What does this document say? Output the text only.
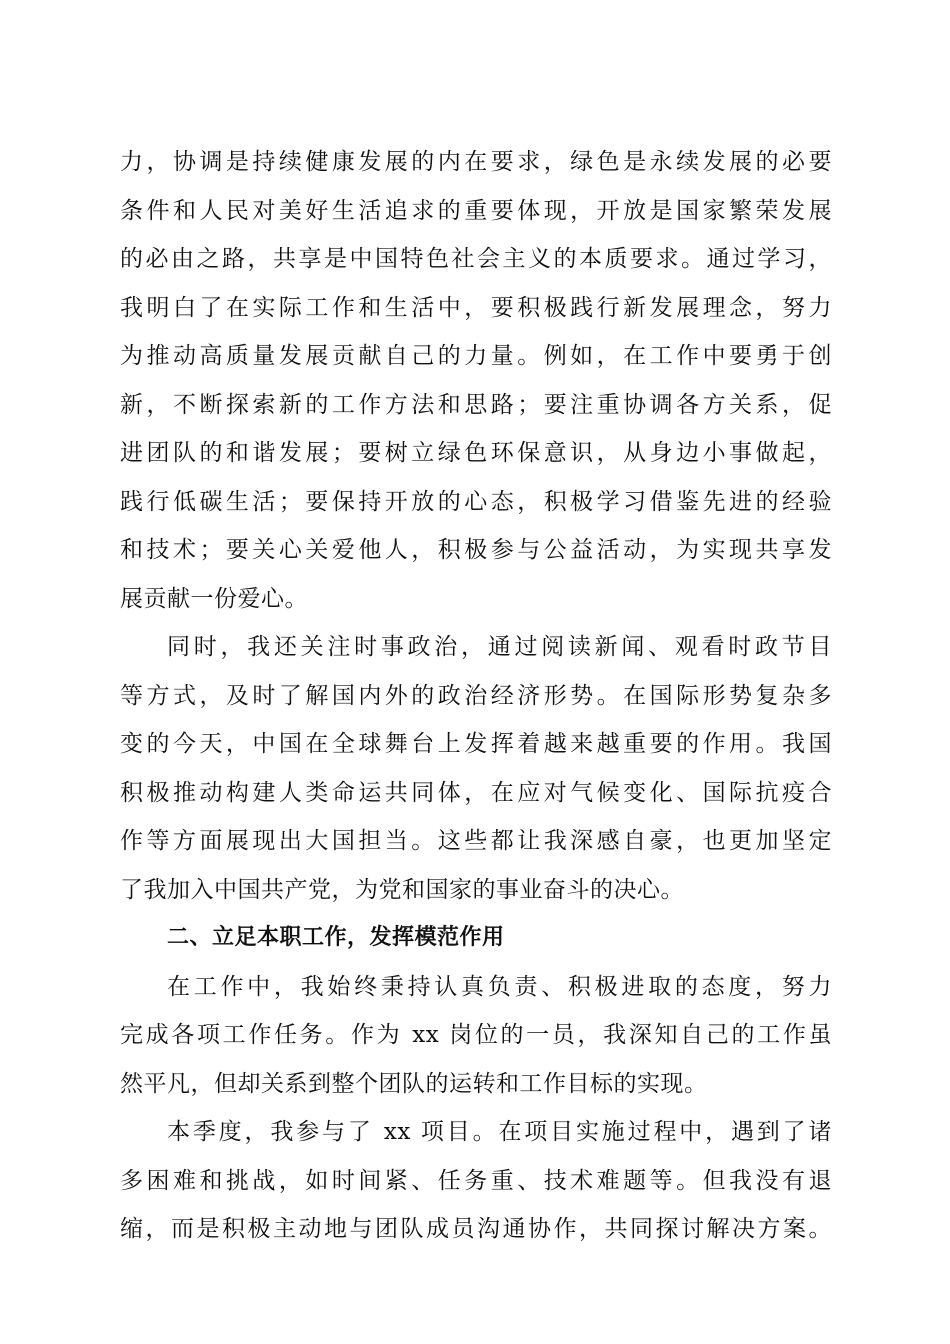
力，协调是持续健康发展的内在要求，绿色是永续发展的必要
条件和人民对美好生活追求的重要体现，开放是国家繁荣发展
的必由之路，共享是中国特色社会主义的本质要求。通过学习，
我明白了在实际工作和生活中，要积极践行新发展理念，努力
为推动高质量发展贡献自己的力量。例如，在工作中要勇于创
新，不断探索新的工作方法和思路；要注重协调各方关系，促
进团队的和谐发展；要树立绿色环保意识，从身边小事做起，
践行低碳生活；要保持开放的心态，积极学习借鉴先进的经验
和技术；要关心关爱他人，积极参与公益活动，为实现共享发
展贡献一份爱心。
同时，我还关注时事政治，通过阅读新闻、观看时政节目
等方式，及时了解国内外的政治经济形势。在国际形势复杂多
变的今天，中国在全球舞台上发挥着越来越重要的作用。我国
积极推动构建人类命运共同体，在应对气候变化、国际抗疫合
作等方面展现出大国担当。这些都让我深感自豪，也更加坚定
了我加入中国共产党，为党和国家的事业奋斗的决心。
二、立足本职工作，发挥模范作用
在工作中，我始终秉持认真负责、积极进取的态度，努力
完成各项工作任务。作为 xx 岗位的一员，我深知自己的工作虽
然平凡，但却关系到整个团队的运转和工作目标的实现。
本季度，我参与了 xx 项目。在项目实施过程中，遇到了诸
多困难和挑战，如时间紧、任务重、技术难题等。但我没有退
缩，而是积极主动地与团队成员沟通协作，共同探讨解决方案。
